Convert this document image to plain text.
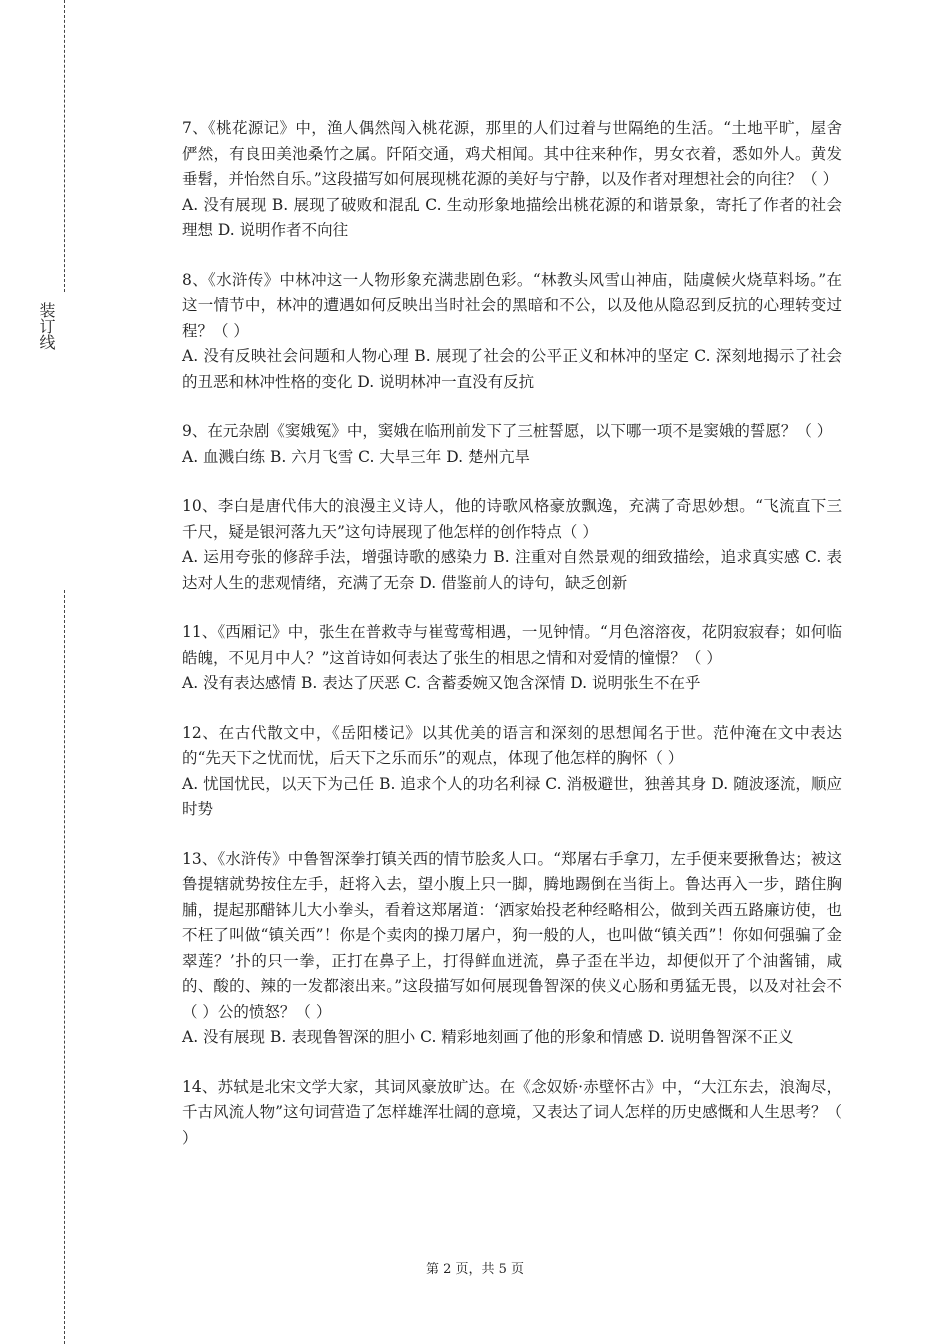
装订线

7、《桃花源记》中，渔人偶然闯入桃花源，那里的人们过着与世隔绝的生活。“土地平旷，屋舍俨然，有良田美池桑竹之属。阡陌交通，鸡犬相闻。其中往来种作，男女衣着，悉如外人。黄发垂髫，并怡然自乐。”这段描写如何展现桃花源的美好与宁静，以及作者对理想社会的向往？（ ）

A. 没有展现 B. 展现了破败和混乱 C. 生动形象地描绘出桃花源的和谐景象，寄托了作者的社会理想 D. 说明作者不向往

8、《水浒传》中林冲这一人物形象充满悲剧色彩。“林教头风雪山神庙，陆虞候火烧草料场。”在这一情节中，林冲的遭遇如何反映出当时社会的黑暗和不公，以及他从隐忍到反抗的心理转变过程？（ ）

A. 没有反映社会问题和人物心理 B. 展现了社会的公平正义和林冲的坚定 C. 深刻地揭示了社会的丑恶和林冲性格的变化 D. 说明林冲一直没有反抗

9、在元杂剧《窦娥冤》中，窦娥在临刑前发下了三桩誓愿，以下哪一项不是窦娥的誓愿？（ ）

A. 血溅白练 B. 六月飞雪 C. 大旱三年 D. 楚州亢旱

10、李白是唐代伟大的浪漫主义诗人，他的诗歌风格豪放飘逸，充满了奇思妙想。“飞流直下三千尺，疑是银河落九天”这句诗展现了他怎样的创作特点（ ）

A. 运用夸张的修辞手法，增强诗歌的感染力 B. 注重对自然景观的细致描绘，追求真实感 C. 表达对人生的悲观情绪，充满了无奈 D. 借鉴前人的诗句，缺乏创新

11、《西厢记》中，张生在普救寺与崔莺莺相遇，一见钟情。“月色溶溶夜，花阴寂寂春；如何临皓魄，不见月中人？”这首诗如何表达了张生的相思之情和对爱情的憧憬？（ ）

A. 没有表达感情 B. 表达了厌恶 C. 含蓄委婉又饱含深情 D. 说明张生不在乎

12、在古代散文中，《岳阳楼记》以其优美的语言和深刻的思想闻名于世。范仲淹在文中表达的“先天下之忧而忧，后天下之乐而乐”的观点，体现了他怎样的胸怀（ ）

A. 忧国忧民，以天下为己任 B. 追求个人的功名利禄 C. 消极避世，独善其身 D. 随波逐流，顺应时势

13、《水浒传》中鲁智深拳打镇关西的情节脍炙人口。“郑屠右手拿刀，左手便来要揪鲁达；被这鲁提辖就势按住左手，赶将入去，望小腹上只一脚，腾地踢倒在当街上。鲁达再入一步，踏住胸脯，提起那醋钵儿大小拳头，看着这郑屠道：‘洒家始投老种经略相公，做到关西五路廉访使，也不枉了叫做“镇关西”！你是个卖肉的操刀屠户，狗一般的人，也叫做“镇关西”！你如何强骗了金翠莲？’扑的只一拳，正打在鼻子上，打得鲜血迸流，鼻子歪在半边，却便似开了个油酱铺，咸的、酸的、辣的一发都滚出来。”这段描写如何展现鲁智深的侠义心肠和勇猛无畏，以及对社会不（ ）公的愤怒？（ ）

A. 没有展现 B. 表现鲁智深的胆小 C. 精彩地刻画了他的形象和情感 D. 说明鲁智深不正义

14、苏轼是北宋文学大家，其词风豪放旷达。在《念奴娇·赤壁怀古》中，“大江东去，浪淘尽，千古风流人物”这句词营造了怎样雄浑壮阔的意境，又表达了词人怎样的历史感慨和人生思考？（ ）

第 2 页，共 5 页
